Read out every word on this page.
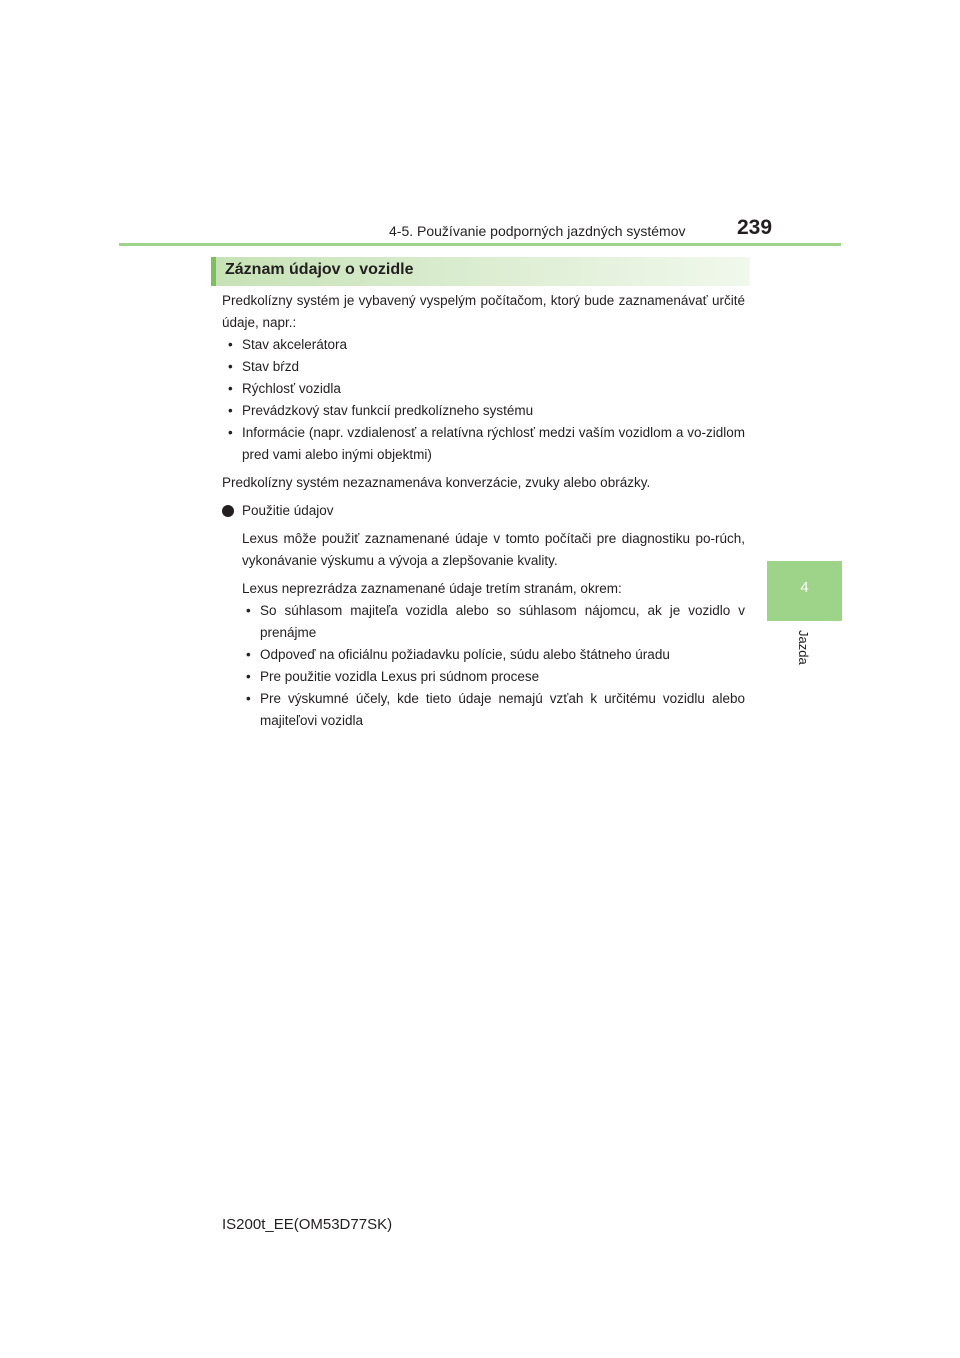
4-5. Používanie podporných jazdných systémov 239
4
Jazda
Záznam údajov o vozidle

Predkolízny systém je vybavený vyspelým počítačom, ktorý bude zaznamenávať určité údaje, napr.:

• Stav akcelerátora
• Stav bŕzd
• Rýchlosť vozidla
• Prevádzkový stav funkcií predkolízneho systému
• Informácie (napr. vzdialenosť a relatívna rýchlosť medzi vaším vozidlom a vo-zidlom pred vami alebo inými objektmi)

Predkolízny systém nezaznamenáva konverzácie, zvuky alebo obrázky.

Použitie údajov

Lexus môže použiť zaznamenané údaje v tomto počítači pre diagnostiku po-rúch, vykonávanie výskumu a vývoja a zlepšovanie kvality.

Lexus neprezrádza zaznamenané údaje tretím stranám, okrem:

• So súhlasom majiteľa vozidla alebo so súhlasom nájomcu, ak je vozidlo v prenájme
• Odpoveď na oficiálnu požiadavku polície, súdu alebo štátneho úradu
• Pre použitie vozidla Lexus pri súdnom procese
• Pre výskumné účely, kde tieto údaje nemajú vzťah k určitému vozidlu alebo majiteľovi vozidla
IS200t_EE(OM53D77SK)
